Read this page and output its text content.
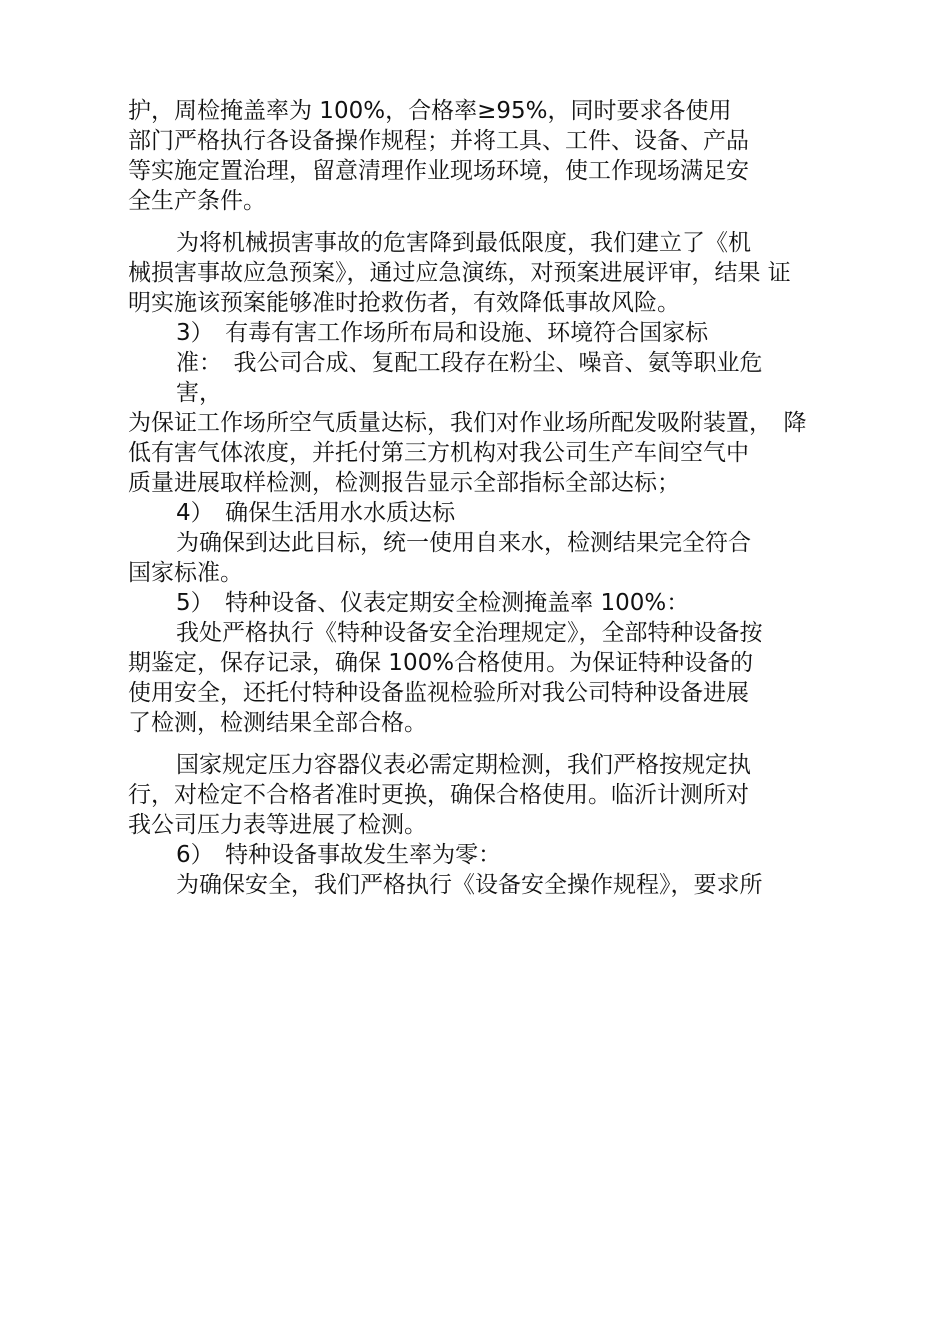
护，周检掩盖率为 100%，合格率≥95%，同时要求各使用
部门严格执行各设备操作规程；并将工具、工件、设备、产品
等实施定置治理，留意清理作业现场环境，使工作现场满足安
全生产条件。
为将机械损害事故的危害降到最低限度，我们建立了《机
械损害事故应急预案》，通过应急演练，对预案进展评审，结果 证
明实施该预案能够准时抢救伤者，有效降低事故风险。
3）　有毒有害工作场所布局和设施、环境符合国家标
准：　我公司合成、复配工段存在粉尘、噪音、氨等职业危
害，
为保证工作场所空气质量达标，我们对作业场所配发吸附装置，　降
低有害气体浓度，并托付第三方机构对我公司生产车间空气中
质量进展取样检测，检测报告显示全部指标全部达标；
4）　确保生活用水水质达标
为确保到达此目标，统一使用自来水，检测结果完全符合
国家标准。
5）　特种设备、仪表定期安全检测掩盖率 100%：
我处严格执行《特种设备安全治理规定》，全部特种设备按
期鉴定，保存记录，确保 100%合格使用。为保证特种设备的
使用安全，还托付特种设备监视检验所对我公司特种设备进展
了检测，检测结果全部合格。
国家规定压力容器仪表必需定期检测，我们严格按规定执
行，对检定不合格者准时更换，确保合格使用。临沂计测所对
我公司压力表等进展了检测。
6）　特种设备事故发生率为零：
为确保安全，我们严格执行《设备安全操作规程》，要求所
